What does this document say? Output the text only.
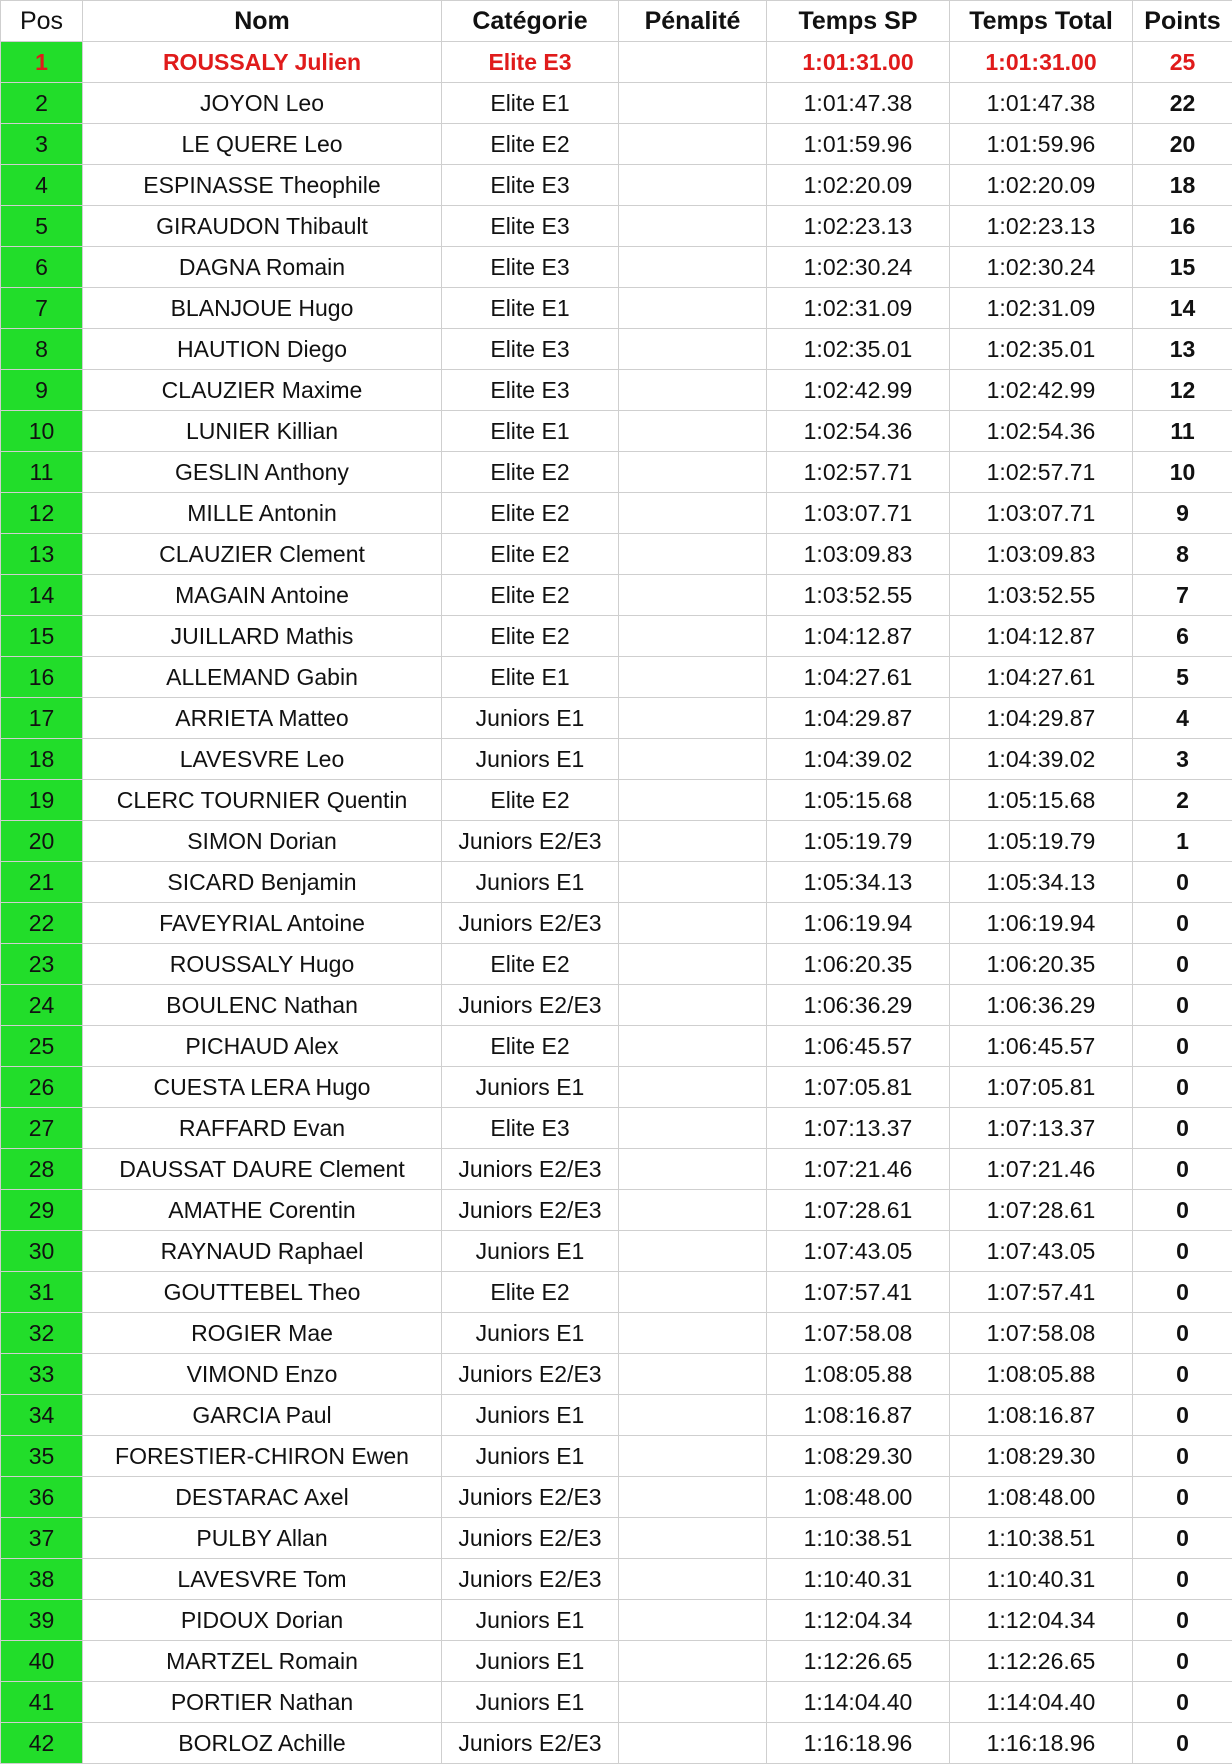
Pos	Nom	Catégorie	Pénalité	Temps SP	Temps Total	Points
1	ROUSSALY Julien	Elite E3		1:01:31.00	1:01:31.00	25
2	JOYON Leo	Elite E1		1:01:47.38	1:01:47.38	22
3	LE QUERE Leo	Elite E2		1:01:59.96	1:01:59.96	20
4	ESPINASSE Theophile	Elite E3		1:02:20.09	1:02:20.09	18
5	GIRAUDON Thibault	Elite E3		1:02:23.13	1:02:23.13	16
6	DAGNA Romain	Elite E3		1:02:30.24	1:02:30.24	15
7	BLANJOUE Hugo	Elite E1		1:02:31.09	1:02:31.09	14
8	HAUTION Diego	Elite E3		1:02:35.01	1:02:35.01	13
9	CLAUZIER Maxime	Elite E3		1:02:42.99	1:02:42.99	12
10	LUNIER Killian	Elite E1		1:02:54.36	1:02:54.36	11
11	GESLIN Anthony	Elite E2		1:02:57.71	1:02:57.71	10
12	MILLE Antonin	Elite E2		1:03:07.71	1:03:07.71	9
13	CLAUZIER Clement	Elite E2		1:03:09.83	1:03:09.83	8
14	MAGAIN Antoine	Elite E2		1:03:52.55	1:03:52.55	7
15	JUILLARD Mathis	Elite E2		1:04:12.87	1:04:12.87	6
16	ALLEMAND Gabin	Elite E1		1:04:27.61	1:04:27.61	5
17	ARRIETA Matteo	Juniors E1		1:04:29.87	1:04:29.87	4
18	LAVESVRE Leo	Juniors E1		1:04:39.02	1:04:39.02	3
19	CLERC TOURNIER Quentin	Elite E2		1:05:15.68	1:05:15.68	2
20	SIMON Dorian	Juniors E2/E3		1:05:19.79	1:05:19.79	1
21	SICARD Benjamin	Juniors E1		1:05:34.13	1:05:34.13	0
22	FAVEYRIAL Antoine	Juniors E2/E3		1:06:19.94	1:06:19.94	0
23	ROUSSALY Hugo	Elite E2		1:06:20.35	1:06:20.35	0
24	BOULENC Nathan	Juniors E2/E3		1:06:36.29	1:06:36.29	0
25	PICHAUD Alex	Elite E2		1:06:45.57	1:06:45.57	0
26	CUESTA LERA Hugo	Juniors E1		1:07:05.81	1:07:05.81	0
27	RAFFARD Evan	Elite E3		1:07:13.37	1:07:13.37	0
28	DAUSSAT DAURE Clement	Juniors E2/E3		1:07:21.46	1:07:21.46	0
29	AMATHE Corentin	Juniors E2/E3		1:07:28.61	1:07:28.61	0
30	RAYNAUD Raphael	Juniors E1		1:07:43.05	1:07:43.05	0
31	GOUTTEBEL Theo	Elite E2		1:07:57.41	1:07:57.41	0
32	ROGIER Mae	Juniors E1		1:07:58.08	1:07:58.08	0
33	VIMOND Enzo	Juniors E2/E3		1:08:05.88	1:08:05.88	0
34	GARCIA Paul	Juniors E1		1:08:16.87	1:08:16.87	0
35	FORESTIER-CHIRON Ewen	Juniors E1		1:08:29.30	1:08:29.30	0
36	DESTARAC Axel	Juniors E2/E3		1:08:48.00	1:08:48.00	0
37	PULBY Allan	Juniors E2/E3		1:10:38.51	1:10:38.51	0
38	LAVESVRE Tom	Juniors E2/E3		1:10:40.31	1:10:40.31	0
39	PIDOUX Dorian	Juniors E1		1:12:04.34	1:12:04.34	0
40	MARTZEL Romain	Juniors E1		1:12:26.65	1:12:26.65	0
41	PORTIER Nathan	Juniors E1		1:14:04.40	1:14:04.40	0
42	BORLOZ Achille	Juniors E2/E3		1:16:18.96	1:16:18.96	0
